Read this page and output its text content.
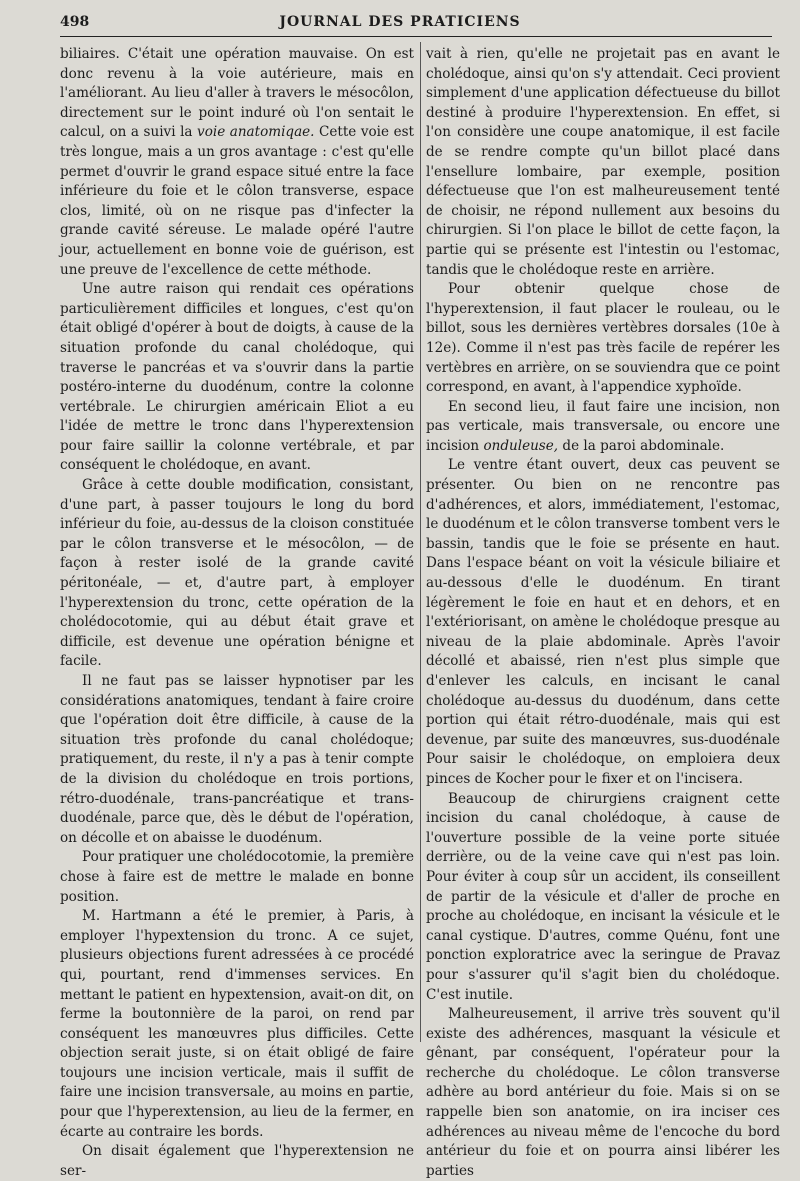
498	JOURNAL DES PRATICIENS

biliaires. C'était une opération mauvaise. On est donc revenu à la voie autérieure, mais en l'améliorant. Au lieu d'aller à travers le mésocôlon, directement sur le point induré où l'on sentait le calcul, on a suivi la voie anatomiqae. Cette voie est très longue, mais a un gros avantage : c'est qu'elle permet d'ouvrir le grand espace situé entre la face inférieure du foie et le côlon transverse, espace clos, limité, où on ne risque pas d'infecter la grande cavité séreuse. Le malade opéré l'autre jour, actuellement en bonne voie de guérison, est une preuve de l'excellence de cette méthode.

Une autre raison qui rendait ces opérations particulièrement difficiles et longues, c'est qu'on était obligé d'opérer à bout de doigts, à cause de la situation profonde du canal cholédoque, qui traverse le pancréas et va s'ouvrir dans la partie postéro-interne du duodénum, contre la colonne vertébrale. Le chirurgien américain Eliot a eu l'idée de mettre le tronc dans l'hyperextension pour faire saillir la colonne vertébrale, et par conséquent le cholédoque, en avant.

Grâce à cette double modification, consistant, d'une part, à passer toujours le long du bord inférieur du foie, au-dessus de la cloison constituée par le côlon transverse et le mésocôlon, — de façon à rester isolé de la grande cavité péritonéale, — et, d'autre part, à employer l'hyperextension du tronc, cette opération de la cholédocotomie, qui au début était grave et difficile, est devenue une opération bénigne et facile.

Il ne faut pas se laisser hypnotiser par les considérations anatomiques, tendant à faire croire que l'opération doit être difficile, à cause de la situation très profonde du canal cholédoque; pratiquement, du reste, il n'y a pas à tenir compte de la division du cholédoque en trois portions, rétro-duodénale, trans-pancréatique et trans-duodénale, parce que, dès le début de l'opération, on décolle et on abaisse le duodénum.

Pour pratiquer une cholédocotomie, la première chose à faire est de mettre le malade en bonne position.

M. Hartmann a été le premier, à Paris, à employer l'hypextension du tronc. A ce sujet, plusieurs objections furent adressées à ce procédé qui, pourtant, rend d'immenses services. En mettant le patient en hypextension, avait-on dit, on ferme la boutonnière de la paroi, on rend par conséquent les manœuvres plus difficiles. Cette objection serait juste, si on était obligé de faire toujours une incision verticale, mais il suffit de faire une incision transversale, au moins en partie, pour que l'hyperextension, au lieu de la fermer, en écarte au contraire les bords.

On disait également que l'hyperextension ne ser-

vait à rien, qu'elle ne projetait pas en avant le cholédoque, ainsi qu'on s'y attendait. Ceci provient simplement d'une application défectueuse du billot destiné à produire l'hyperextension. En effet, si l'on considère une coupe anatomique, il est facile de se rendre compte qu'un billot placé dans l'ensellure lombaire, par exemple, position défectueuse que l'on est malheureusement tenté de choisir, ne répond nullement aux besoins du chirurgien. Si l'on place le billot de cette façon, la partie qui se présente est l'intestin ou l'estomac, tandis que le cholédoque reste en arrière.

Pour obtenir quelque chose de l'hyperextension, il faut placer le rouleau, ou le billot, sous les dernières vertèbres dorsales (10e à 12e). Comme il n'est pas très facile de repérer les vertèbres en arrière, on se souviendra que ce point correspond, en avant, à l'appendice xyphoïde.

En second lieu, il faut faire une incision, non pas verticale, mais transversale, ou encore une incision onduleuse, de la paroi abdominale.

Le ventre étant ouvert, deux cas peuvent se présenter. Ou bien on ne rencontre pas d'adhérences, et alors, immédiatement, l'estomac, le duodénum et le côlon transverse tombent vers le bassin, tandis que le foie se présente en haut. Dans l'espace béant on voit la vésicule biliaire et au-dessous d'elle le duodénum. En tirant légèrement le foie en haut et en dehors, et en l'extériorisant, on amène le cholédoque presque au niveau de la plaie abdominale. Après l'avoir décollé et abaissé, rien n'est plus simple que d'enlever les calculs, en incisant le canal cholédoque au-dessus du duodénum, dans cette portion qui était rétro-duodénale, mais qui est devenue, par suite des manœuvres, sus-duodénale Pour saisir le cholédoque, on emploiera deux pinces de Kocher pour le fixer et on l'incisera.

Beaucoup de chirurgiens craignent cette incision du canal cholédoque, à cause de l'ouverture possible de la veine porte située derrière, ou de la veine cave qui n'est pas loin. Pour éviter à coup sûr un accident, ils conseillent de partir de la vésicule et d'aller de proche en proche au cholédoque, en incisant la vésicule et le canal cystique. D'autres, comme Quénu, font une ponction exploratrice avec la seringue de Pravaz pour s'assurer qu'il s'agit bien du cholédoque. C'est inutile.

Malheureusement, il arrive très souvent qu'il existe des adhérences, masquant la vésicule et gênant, par conséquent, l'opérateur pour la recherche du cholédoque. Le côlon transverse adhère au bord antérieur du foie. Mais si on se rappelle bien son anatomie, on ira inciser ces adhérences au niveau même de l'encoche du bord antérieur du foie et on pourra ainsi libérer les parties
